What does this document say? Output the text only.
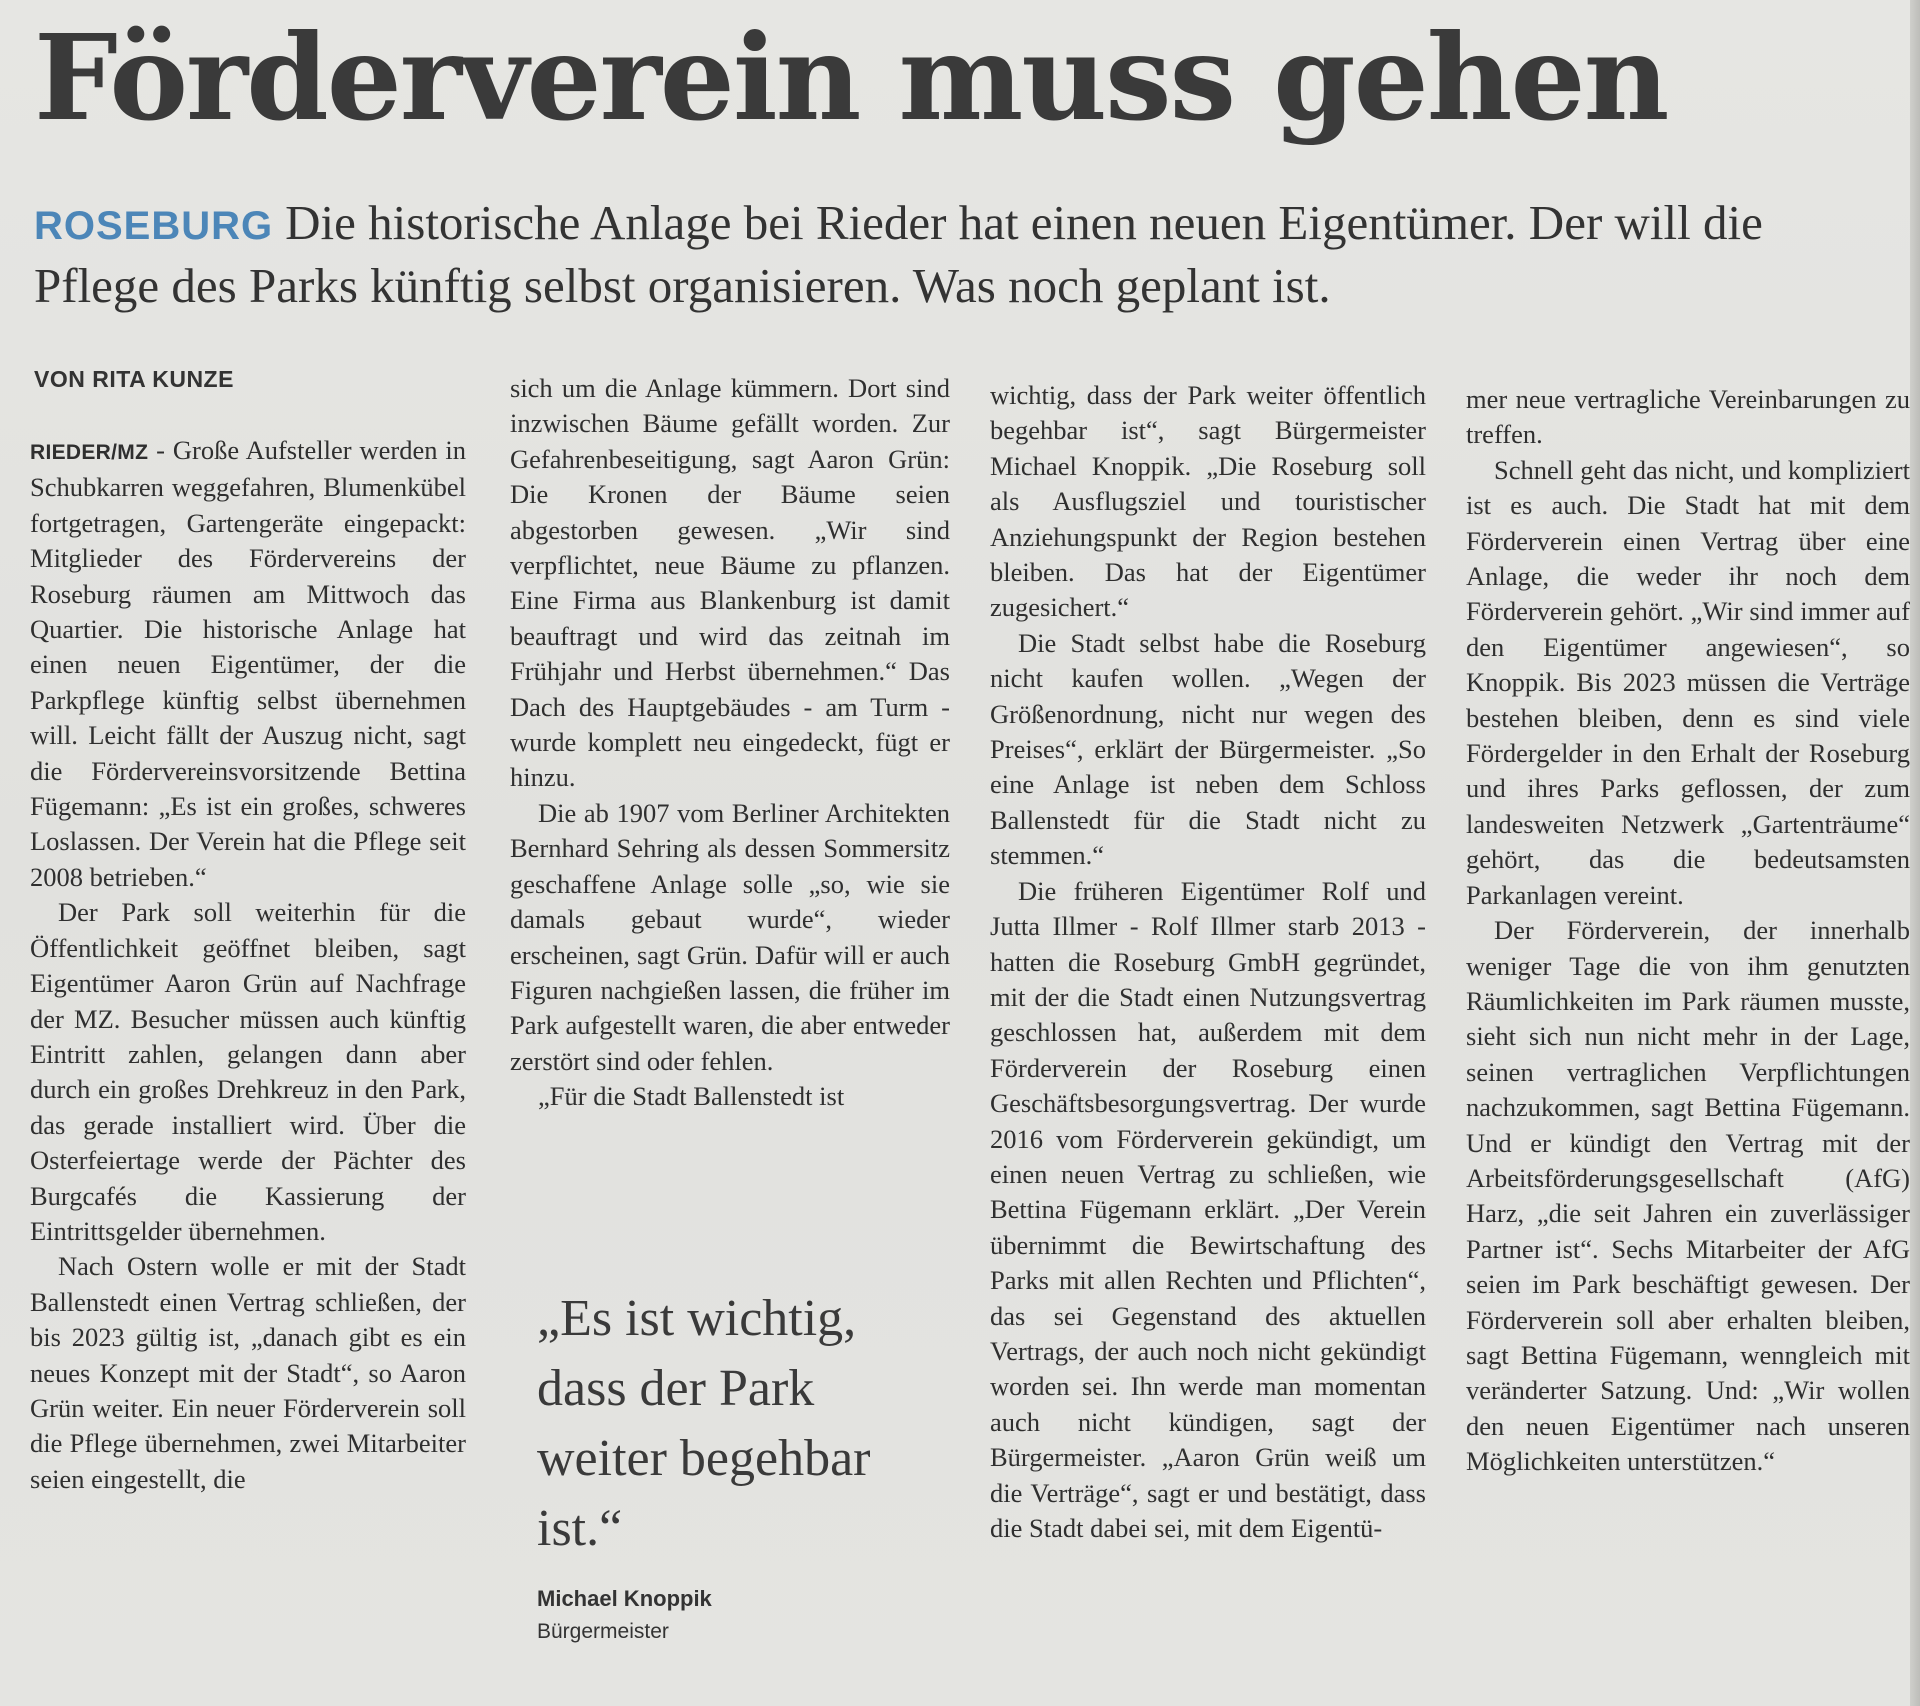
Förderverein muss gehen

ROSEBURG Die historische Anlage bei Rieder hat einen neuen Eigentümer. Der will die Pflege des Parks künftig selbst organisieren. Was noch geplant ist.

VON RITA KUNZE

RIEDER/MZ - Große Aufsteller werden in Schubkarren weggefahren, Blumenkübel fortgetragen, Gartengeräte eingepackt: Mitglieder des Fördervereins der Roseburg räumen am Mittwoch das Quartier. Die historische Anlage hat einen neuen Eigentümer, der die Parkpflege künftig selbst übernehmen will. Leicht fällt der Auszug nicht, sagt die Fördervereinsvorsitzende Bettina Fügemann: „Es ist ein großes, schweres Loslassen. Der Verein hat die Pflege seit 2008 betrieben.“

Der Park soll weiterhin für die Öffentlichkeit geöffnet bleiben, sagt Eigentümer Aaron Grün auf Nachfrage der MZ. Besucher müssen auch künftig Eintritt zahlen, gelangen dann aber durch ein großes Drehkreuz in den Park, das gerade installiert wird. Über die Osterfeiertage werde der Pächter des Burgcafés die Kassierung der Eintrittsgelder übernehmen.

Nach Ostern wolle er mit der Stadt Ballenstedt einen Vertrag schließen, der bis 2023 gültig ist, „danach gibt es ein neues Konzept mit der Stadt“, so Aaron Grün weiter. Ein neuer Förderverein soll die Pflege übernehmen, zwei Mitarbeiter seien eingestellt, die

sich um die Anlage kümmern. Dort sind inzwischen Bäume gefällt worden. Zur Gefahrenbeseitigung, sagt Aaron Grün: Die Kronen der Bäume seien abgestorben gewesen. „Wir sind verpflichtet, neue Bäume zu pflanzen. Eine Firma aus Blankenburg ist damit beauftragt und wird das zeitnah im Frühjahr und Herbst übernehmen.“ Das Dach des Hauptgebäudes - am Turm - wurde komplett neu eingedeckt, fügt er hinzu.

Die ab 1907 vom Berliner Architekten Bernhard Sehring als dessen Sommersitz geschaffene Anlage solle „so, wie sie damals gebaut wurde“, wieder erscheinen, sagt Grün. Dafür will er auch Figuren nachgießen lassen, die früher im Park aufgestellt waren, die aber entweder zerstört sind oder fehlen.

„Für die Stadt Ballenstedt ist

„Es ist wichtig, dass der Park weiter begehbar ist.“

Michael Knoppik
Bürgermeister

wichtig, dass der Park weiter öffentlich begehbar ist“, sagt Bürgermeister Michael Knoppik. „Die Roseburg soll als Ausflugsziel und touristischer Anziehungspunkt der Region bestehen bleiben. Das hat der Eigentümer zugesichert.“

Die Stadt selbst habe die Roseburg nicht kaufen wollen. „Wegen der Größenordnung, nicht nur wegen des Preises“, erklärt der Bürgermeister. „So eine Anlage ist neben dem Schloss Ballenstedt für die Stadt nicht zu stemmen.“

Die früheren Eigentümer Rolf und Jutta Illmer - Rolf Illmer starb 2013 - hatten die Roseburg GmbH gegründet, mit der die Stadt einen Nutzungsvertrag geschlossen hat, außerdem mit dem Förderverein der Roseburg einen Geschäftsbesorgungsvertrag. Der wurde 2016 vom Förderverein gekündigt, um einen neuen Vertrag zu schließen, wie Bettina Fügemann erklärt. „Der Verein übernimmt die Bewirtschaftung des Parks mit allen Rechten und Pflichten“, das sei Gegenstand des aktuellen Vertrags, der auch noch nicht gekündigt worden sei. Ihn werde man momentan auch nicht kündigen, sagt der Bürgermeister. „Aaron Grün weiß um die Verträge“, sagt er und bestätigt, dass die Stadt dabei sei, mit dem Eigentü-

mer neue vertragliche Vereinbarungen zu treffen.

Schnell geht das nicht, und kompliziert ist es auch. Die Stadt hat mit dem Förderverein einen Vertrag über eine Anlage, die weder ihr noch dem Förderverein gehört. „Wir sind immer auf den Eigentümer angewiesen“, so Knoppik. Bis 2023 müssen die Verträge bestehen bleiben, denn es sind viele Fördergelder in den Erhalt der Roseburg und ihres Parks geflossen, der zum landesweiten Netzwerk „Gartenträume“ gehört, das die bedeutsamsten Parkanlagen vereint.

Der Förderverein, der innerhalb weniger Tage die von ihm genutzten Räumlichkeiten im Park räumen musste, sieht sich nun nicht mehr in der Lage, seinen vertraglichen Verpflichtungen nachzukommen, sagt Bettina Fügemann. Und er kündigt den Vertrag mit der Arbeitsförderungsgesellschaft (AfG) Harz, „die seit Jahren ein zuverlässiger Partner ist“. Sechs Mitarbeiter der AfG seien im Park beschäftigt gewesen. Der Förderverein soll aber erhalten bleiben, sagt Bettina Fügemann, wenngleich mit veränderter Satzung. Und: „Wir wollen den neuen Eigentümer nach unseren Möglichkeiten unterstützen.“
